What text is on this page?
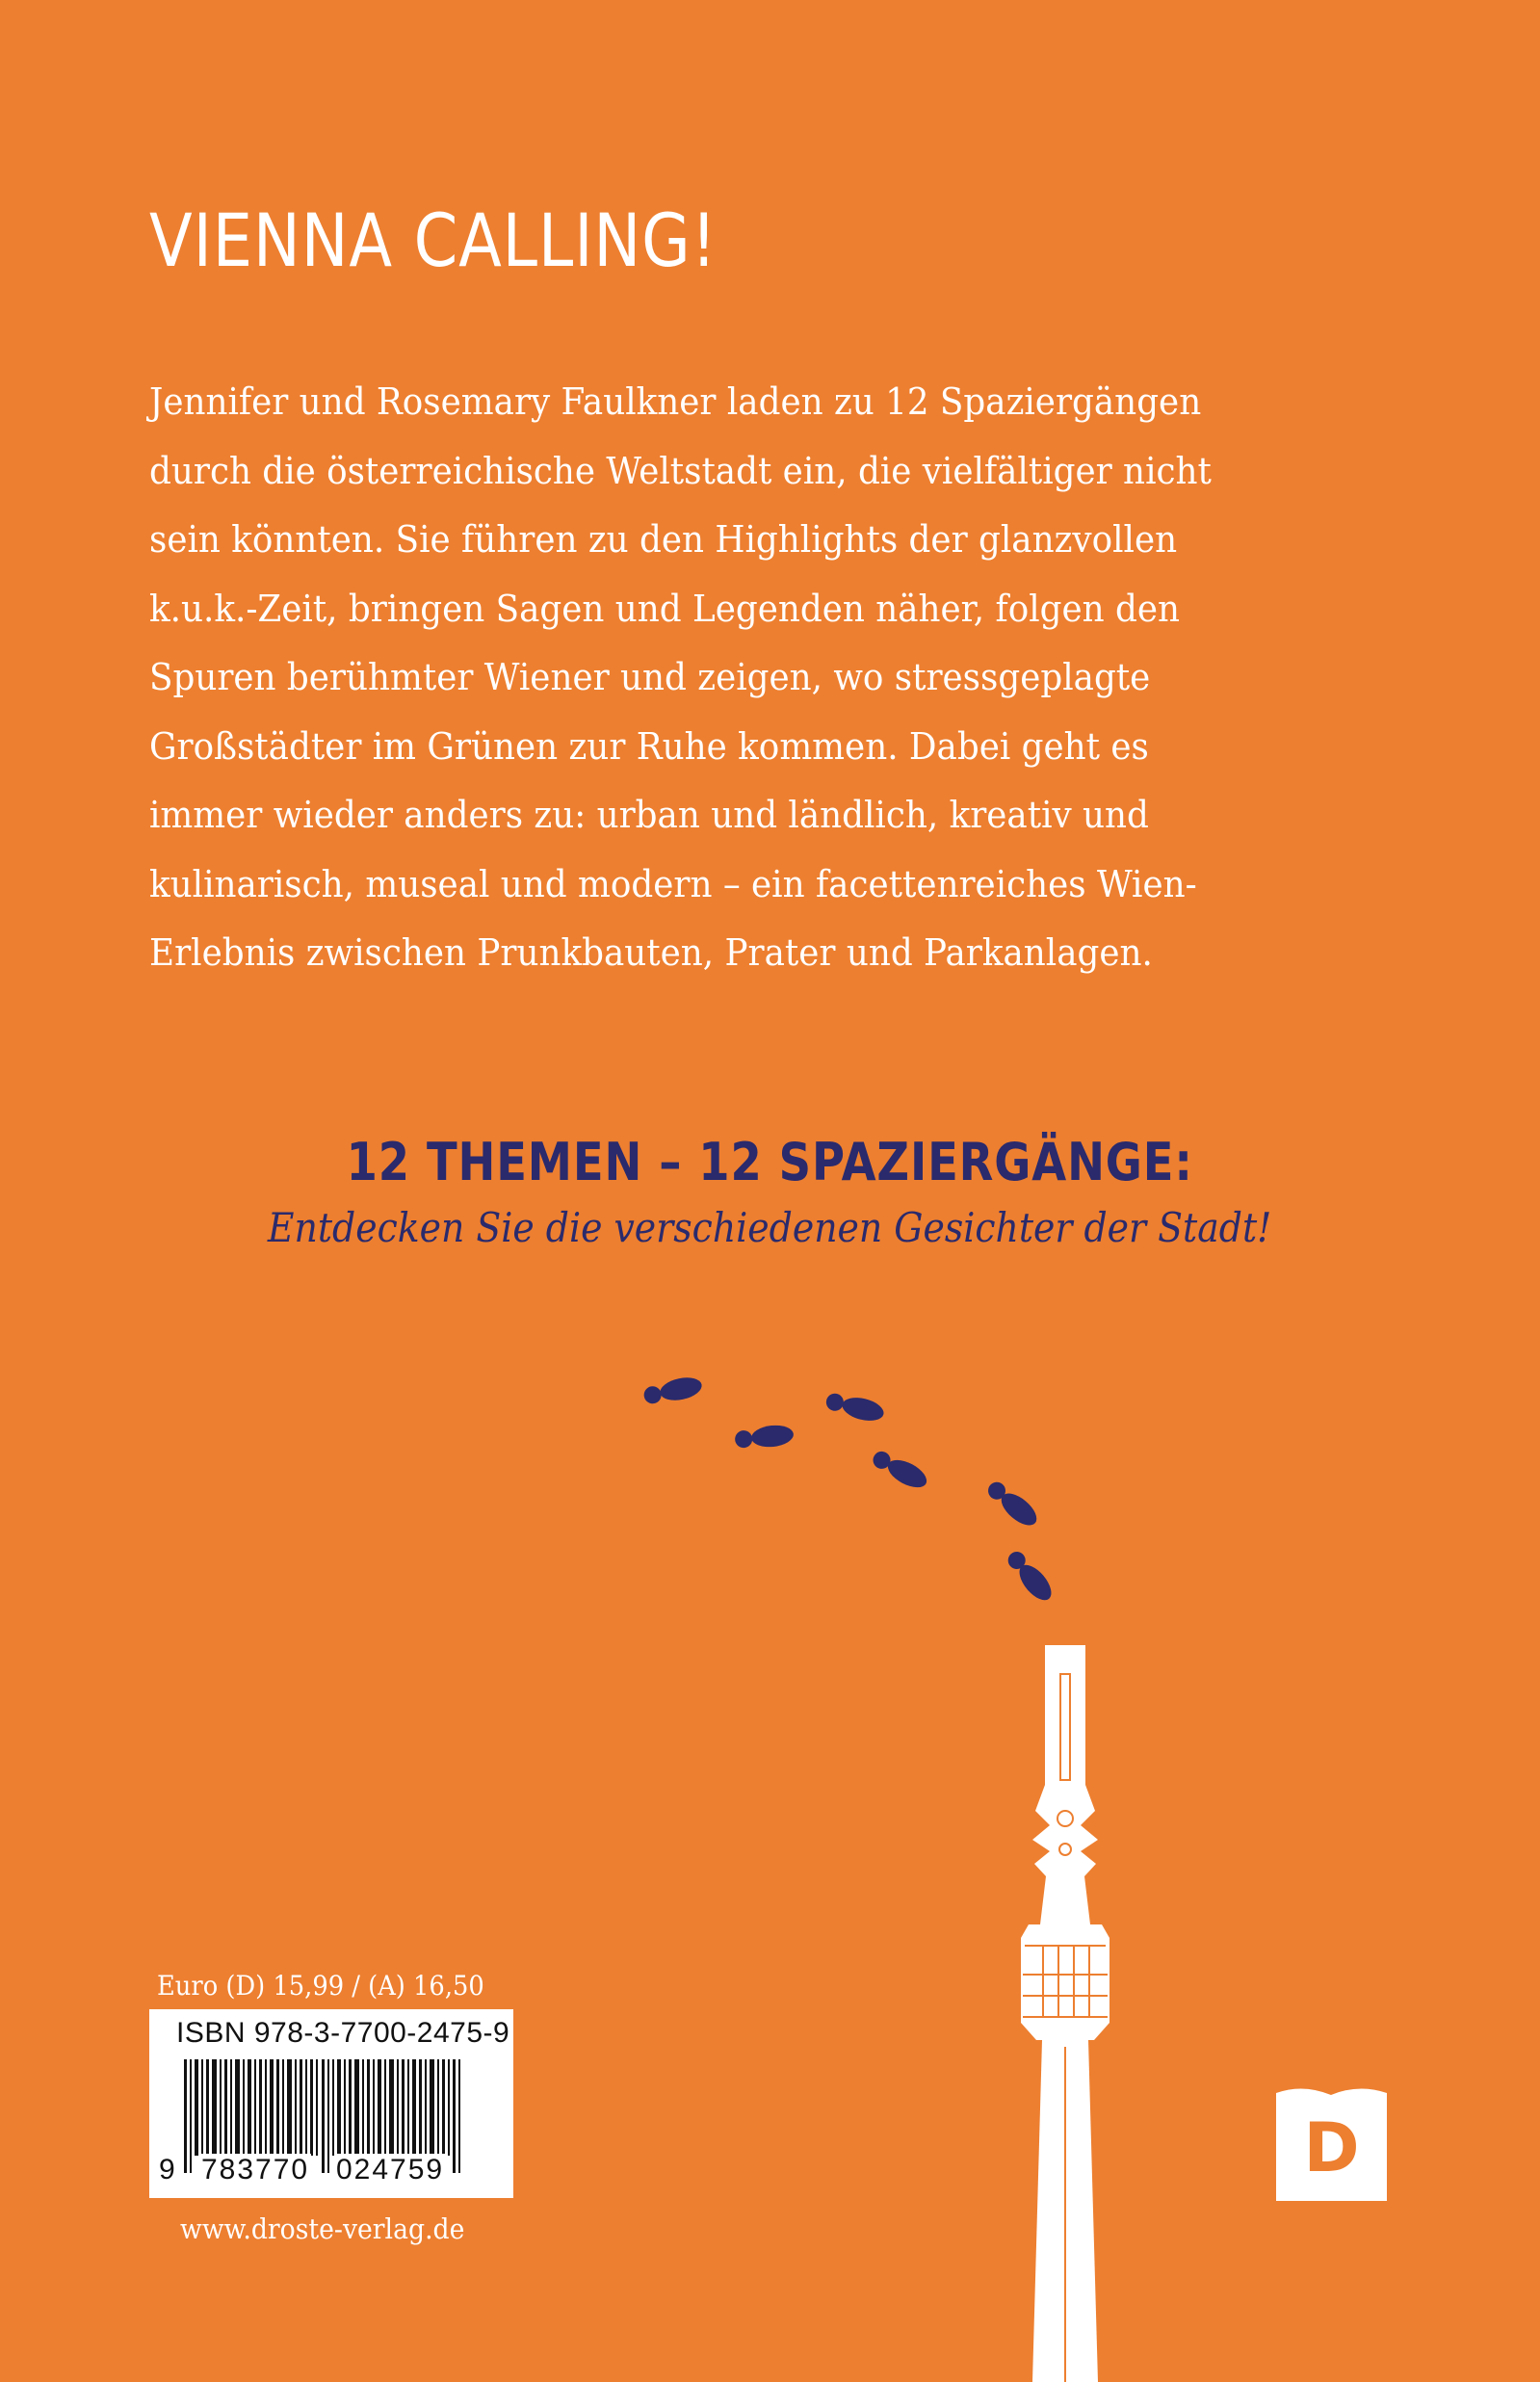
VIENNA CALLING!

Jennifer und Rosemary Faulkner laden zu 12 Spaziergängen
durch die österreichische Weltstadt ein, die vielfältiger nicht
sein könnten. Sie führen zu den Highlights der glanzvollen
k.u.k.-Zeit, bringen Sagen und Legenden näher, folgen den
Spuren berühmter Wiener und zeigen, wo stressgeplagte
Großstädter im Grünen zur Ruhe kommen. Dabei geht es
immer wieder anders zu: urban und ländlich, kreativ und
kulinarisch, museal und modern – ein facettenreiches Wien-
Erlebnis zwischen Prunkbauten, Prater und Parkanlagen.

12 THEMEN – 12 SPAZIERGÄNGE:

Entdecken Sie die verschiedenen Gesichter der Stadt!

Euro (D) 15,99 / (A) 16,50
ISBN 978-3-7700-2475-9
9 783770 024759
www.droste-verlag.de
D
